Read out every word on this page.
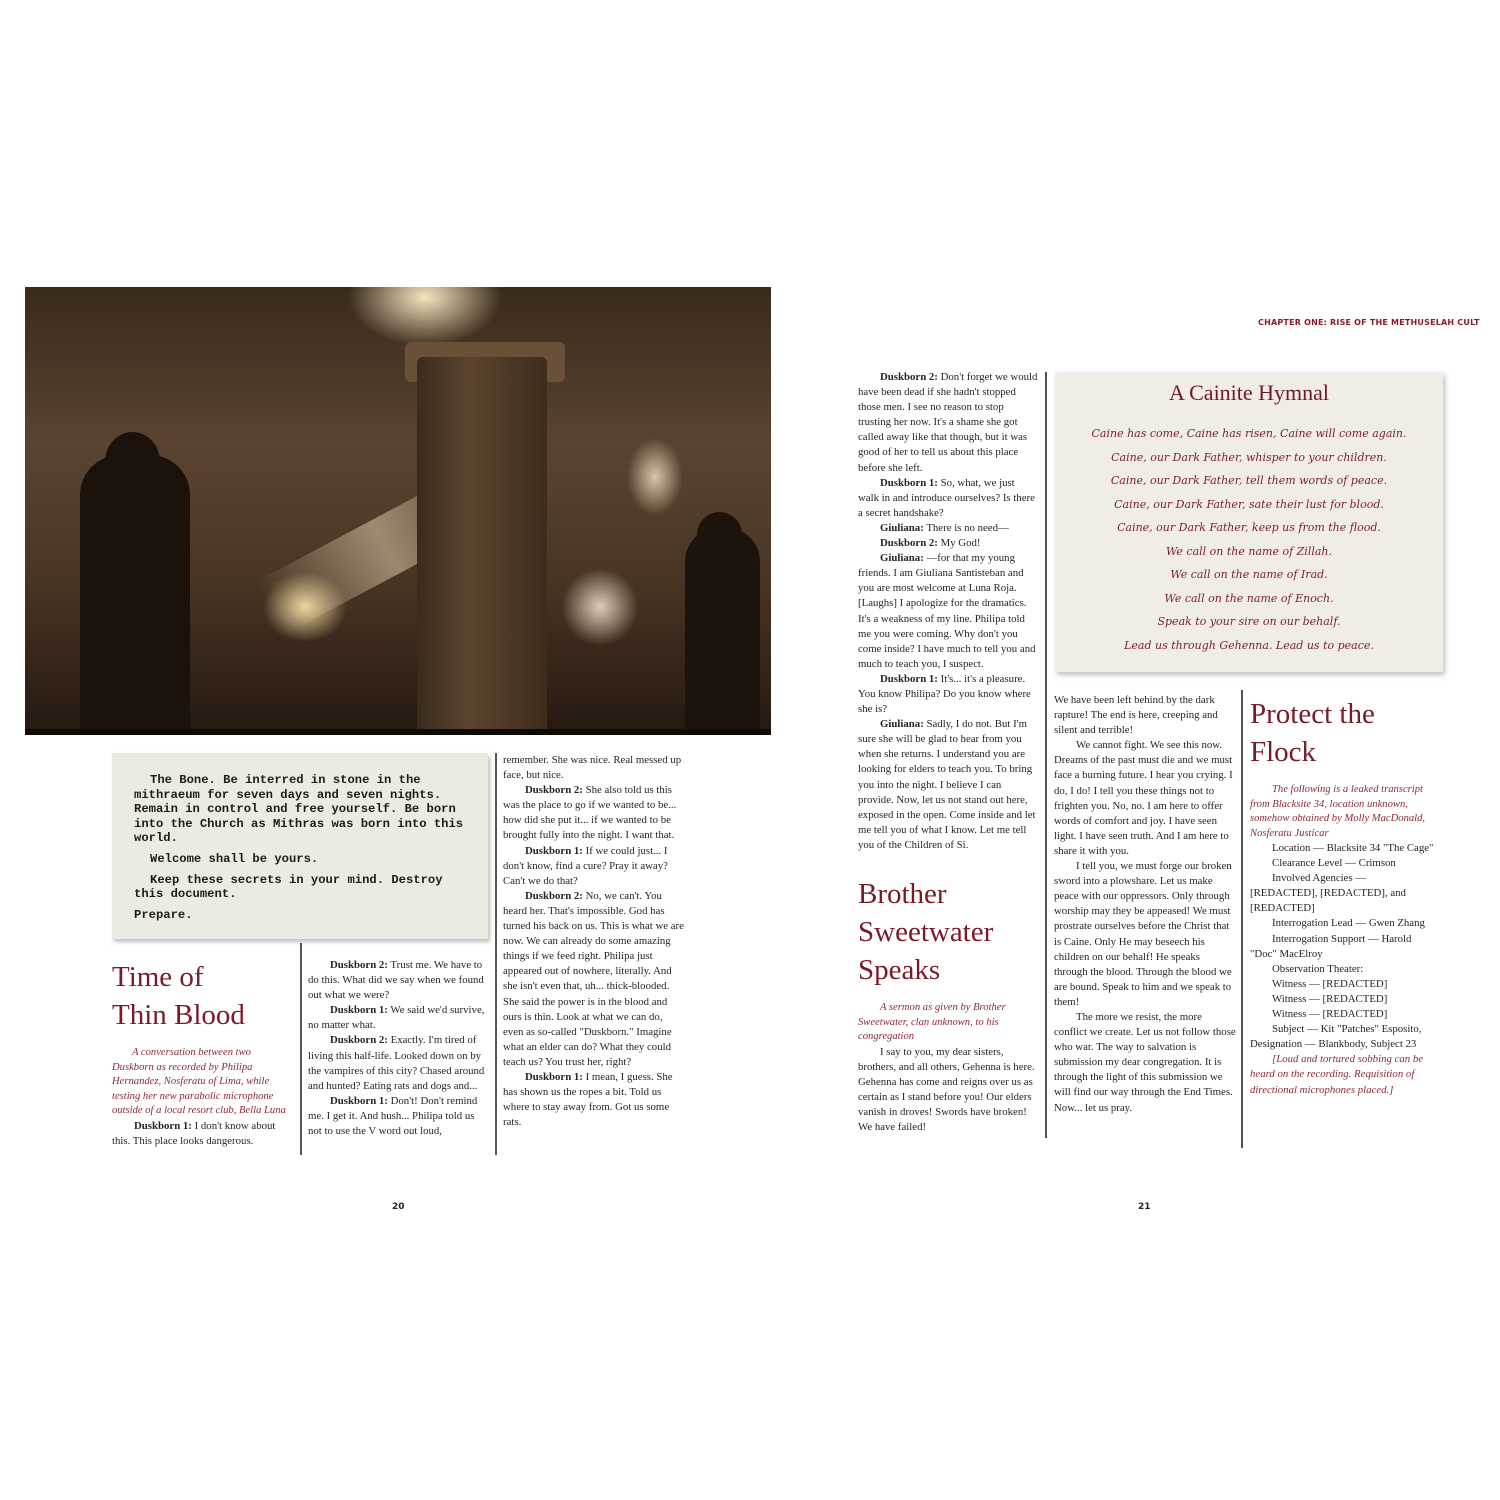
The Bone. Be interred in stone in the mithraeum for seven days and seven nights. Remain in control and free yourself. Be born into the Church as Mithras was born into this world.

Welcome shall be yours.

Keep these secrets in your mind. Destroy this document.

Prepare.

Time of
Thin Blood

A conversation between two Duskborn as recorded by Philipa Hernandez, Nosferatu of Lima, while testing her new parabolic microphone outside of a local resort club, Bella Luna

Duskborn 1: I don't know about this. This place looks dangerous.

Duskborn 2: Trust me. We have to do this. What did we say when we found out what we were?

Duskborn 1: We said we'd survive, no matter what.

Duskborn 2: Exactly. I'm tired of living this half-life. Looked down on by the vampires of this city? Chased around and hunted? Eating rats and dogs and...

Duskborn 1: Don't! Don't remind me. I get it. And hush... Philipa told us not to use the V word out loud,

remember. She was nice. Real messed up face, but nice.

Duskborn 2: She also told us this was the place to go if we wanted to be... how did she put it... if we wanted to be brought fully into the night. I want that.

Duskborn 1: If we could just... I don't know, find a cure? Pray it away? Can't we do that?

Duskborn 2: No, we can't. You heard her. That's impossible. God has turned his back on us. This is what we are now. We can already do some amazing things if we feed right. Philipa just appeared out of nowhere, literally. And she isn't even that, uh... thick-blooded. She said the power is in the blood and ours is thin. Look at what we can do, even as so-called "Duskborn." Imagine what an elder can do? What they could teach us? You trust her, right?

Duskborn 1: I mean, I guess. She has shown us the ropes a bit. Told us where to stay away from. Got us some rats.

20
CHAPTER ONE: RISE OF THE METHUSELAH CULT

Duskborn 2: Don't forget we would have been dead if she hadn't stopped those men. I see no reason to stop trusting her now. It's a shame she got called away like that though, but it was good of her to tell us about this place before she left.

Duskborn 1: So, what, we just walk in and introduce ourselves? Is there a secret handshake?

Giuliana: There is no need—

Duskborn 2: My God!

Giuliana: —for that my young friends. I am Giuliana Santisteban and you are most welcome at Luna Roja. [Laughs] I apologize for the dramatics. It's a weakness of my line. Philipa told me you were coming. Why don't you come inside? I have much to tell you and much to teach you, I suspect.

Duskborn 1: It's... it's a pleasure. You know Philipa? Do you know where she is?

Giuliana: Sadly, I do not. But I'm sure she will be glad to hear from you when she returns. I understand you are looking for elders to teach you. To bring you into the night. I believe I can provide. Now, let us not stand out here, exposed in the open. Come inside and let me tell you of what I know. Let me tell you of the Children of Si.

Brother
Sweetwater
Speaks

A sermon as given by Brother Sweetwater, clan unknown, to his congregation

I say to you, my dear sisters, brothers, and all others, Gehenna is here. Gehenna has come and reigns over us as certain as I stand before you! Our elders vanish in droves! Swords have broken! We have failed!

A Cainite Hymnal
Caine has come, Caine has risen, Caine will come again.
Caine, our Dark Father, whisper to your children.
Caine, our Dark Father, tell them words of peace.
Caine, our Dark Father, sate their lust for blood.
Caine, our Dark Father, keep us from the flood.
We call on the name of Zillah.
We call on the name of Irad.
We call on the name of Enoch.
Speak to your sire on our behalf.
Lead us through Gehenna. Lead us to peace.

We have been left behind by the dark rapture! The end is here, creeping and silent and terrible!

We cannot fight. We see this now. Dreams of the past must die and we must face a burning future. I hear you crying. I do, I do! I tell you these things not to frighten you. No, no. I am here to offer words of comfort and joy. I have seen light. I have seen truth. And I am here to share it with you.

I tell you, we must forge our broken sword into a plowshare. Let us make peace with our oppressors. Only through worship may they be appeased! We must prostrate ourselves before the Christ that is Caine. Only He may beseech his children on our behalf! He speaks through the blood. Through the blood we are bound. Speak to him and we speak to them!

The more we resist, the more conflict we create. Let us not follow those who war. The way to salvation is submission my dear congregation. It is through the light of this submission we will find our way through the End Times. Now... let us pray.

Protect the
Flock

The following is a leaked transcript from Blacksite 34, location unknown, somehow obtained by Molly MacDonald, Nosferatu Justicar

Location — Blacksite 34 "The Cage"

Clearance Level — Crimson

Involved Agencies — [REDACTED], [REDACTED], and [REDACTED]

Interrogation Lead — Gwen Zhang

Interrogation Support — Harold "Doc" MacElroy

Observation Theater:

Witness — [REDACTED]

Witness — [REDACTED]

Witness — [REDACTED]

Subject — Kit "Patches" Esposito, Designation — Blankbody, Subject 23

[Loud and tortured sobbing can be heard on the recording. Requisition of directional microphones placed.]

21
